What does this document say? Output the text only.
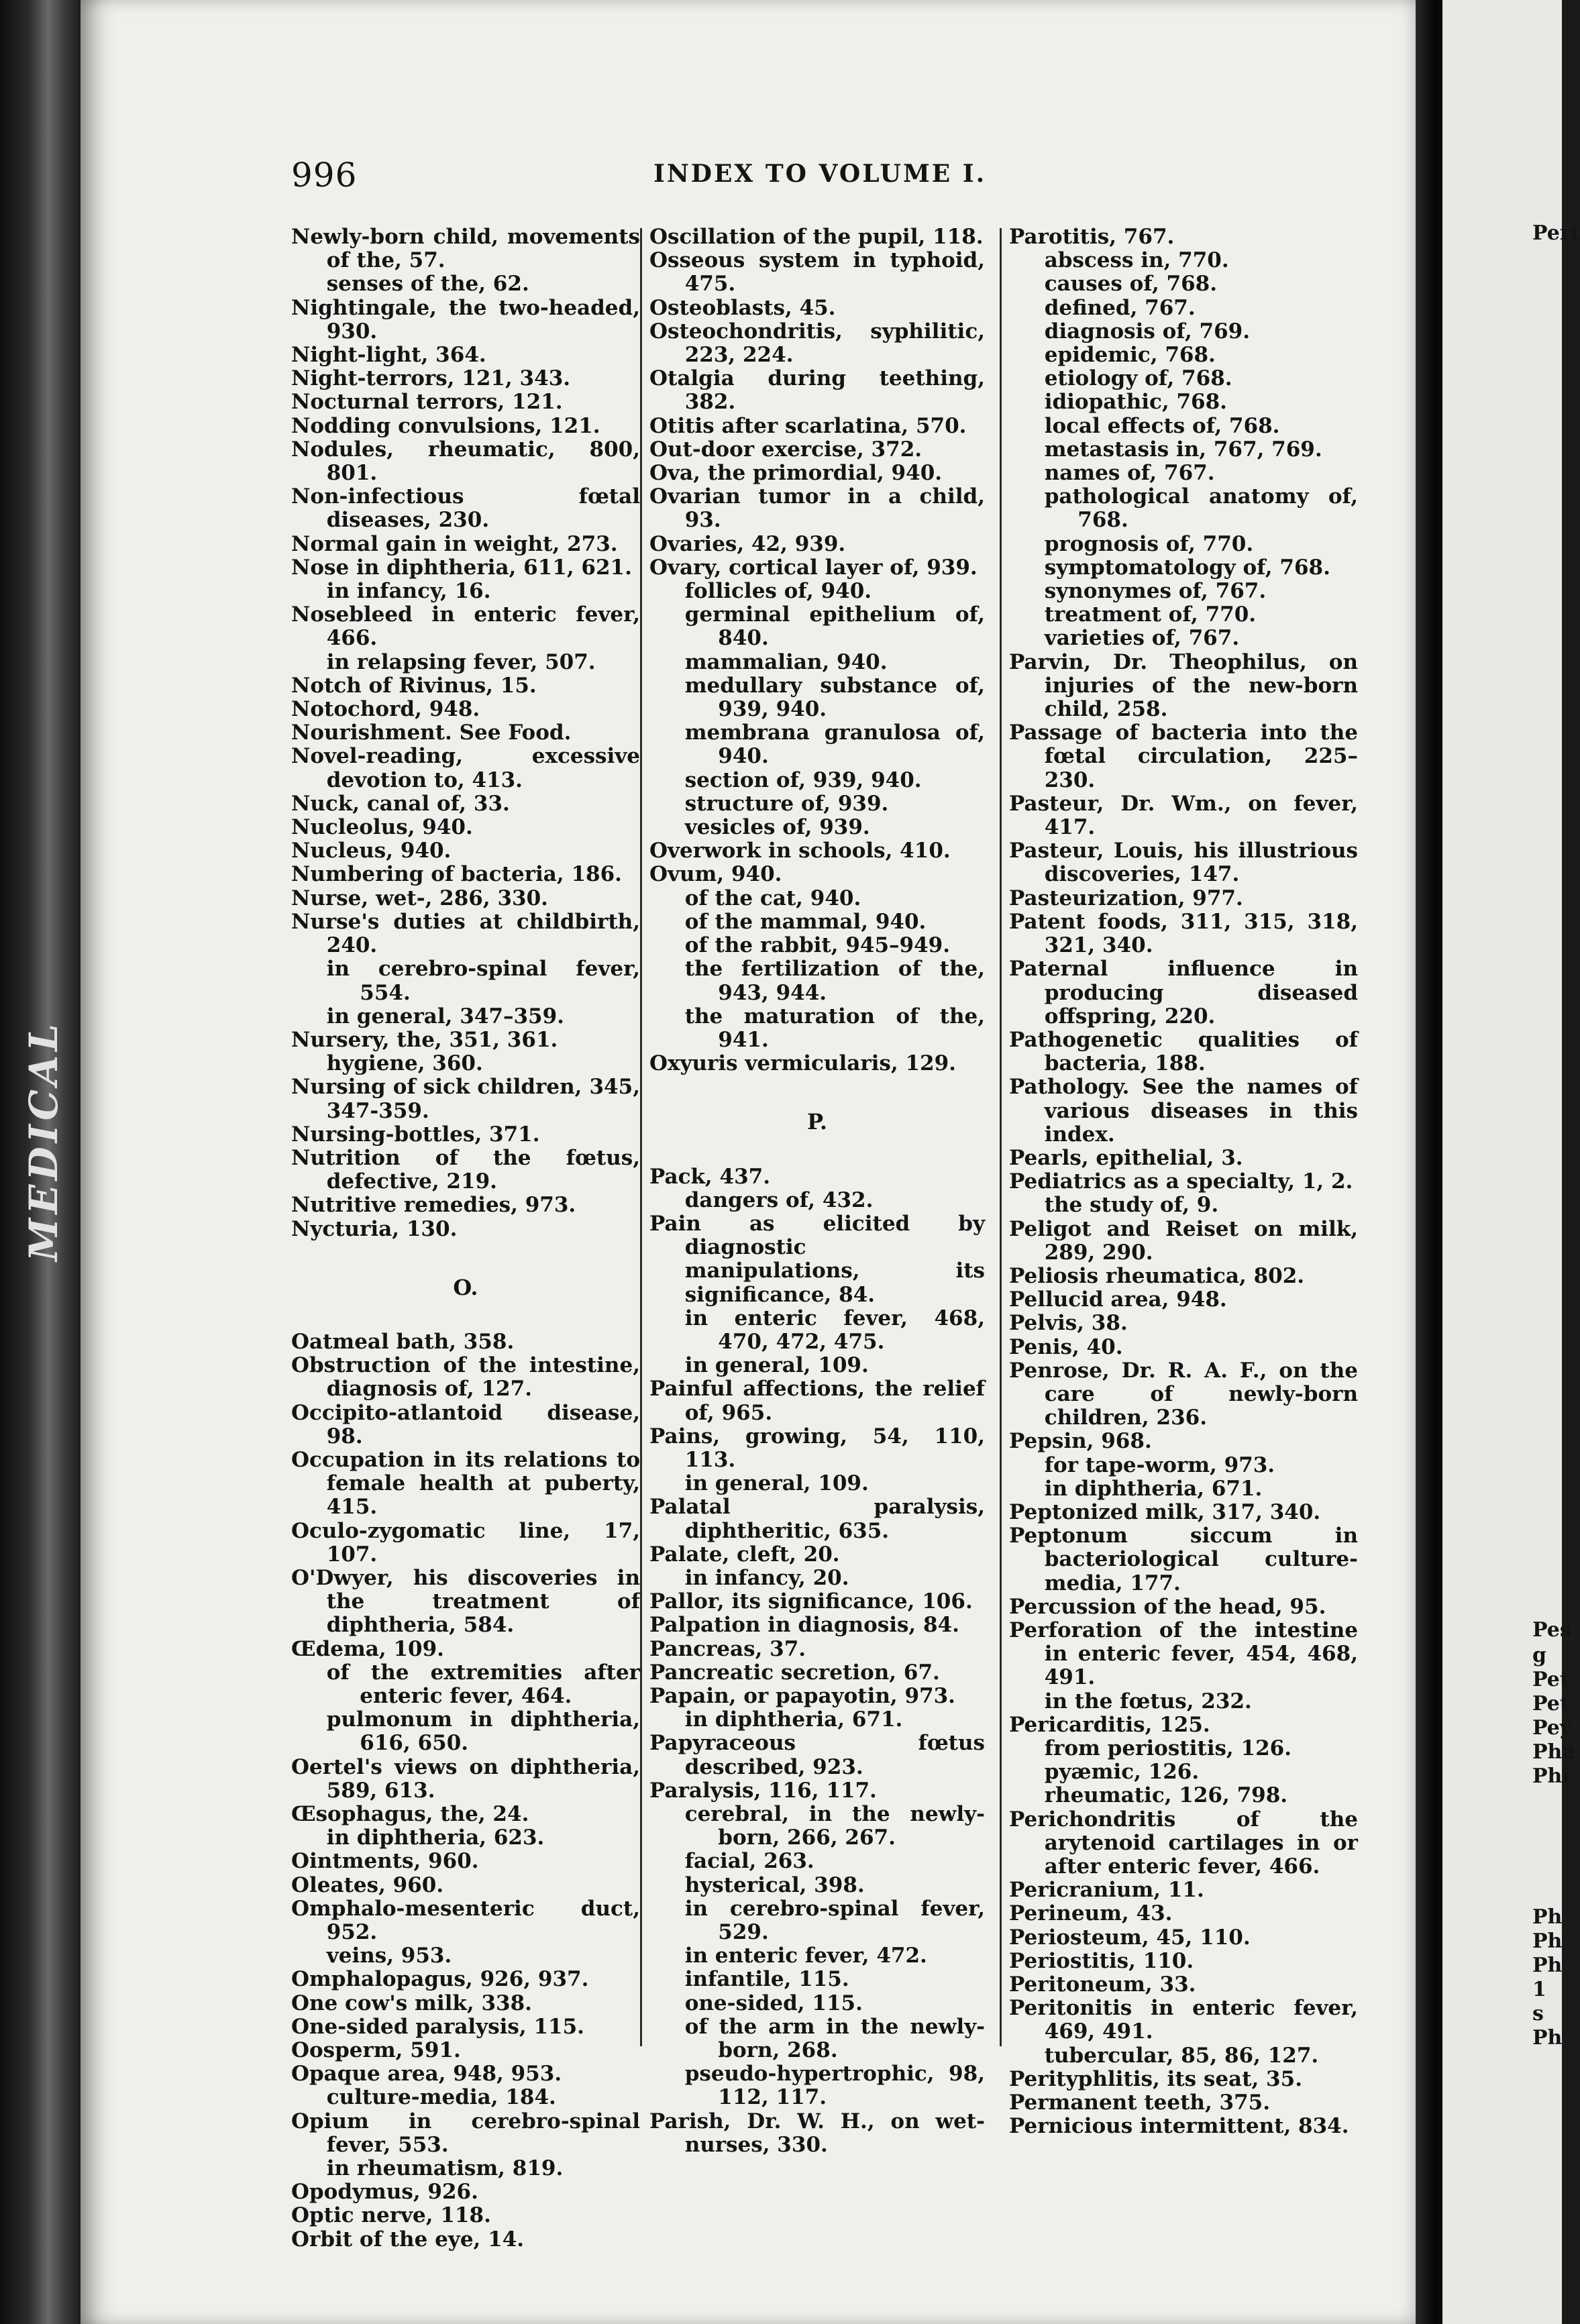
MEDICAL
996	INDEX TO VOLUME I.
Newly-born child, movements of the, 57.
senses of the, 62.
Nightingale, the two-headed, 930.
Night-light, 364.
Night-terrors, 121, 343.
Nocturnal terrors, 121.
Nodding convulsions, 121.
Nodules, rheumatic, 800, 801.
Non-infectious fœtal diseases, 230.
Normal gain in weight, 273.
Nose in diphtheria, 611, 621.
in infancy, 16.
Nosebleed in enteric fever, 466.
in relapsing fever, 507.
Notch of Rivinus, 15.
Notochord, 948.
Nourishment. See Food.
Novel-reading, excessive devotion to, 413.
Nuck, canal of, 33.
Nucleolus, 940.
Nucleus, 940.
Numbering of bacteria, 186.
Nurse, wet-, 286, 330.
Nurse's duties at childbirth, 240.
in cerebro-spinal fever, 554.
in general, 347–359.
Nursery, the, 351, 361.
hygiene, 360.
Nursing of sick children, 345, 347-359.
Nursing-bottles, 371.
Nutrition of the fœtus, defective, 219.
Nutritive remedies, 973.
Nycturia, 130.
O.
Oatmeal bath, 358.
Obstruction of the intestine, diagnosis of, 127.
Occipito-atlantoid disease, 98.
Occupation in its relations to female health at puberty, 415.
Oculo-zygomatic line, 17, 107.
O'Dwyer, his discoveries in the treatment of diphtheria, 584.
Œdema, 109.
of the extremities after enteric fever, 464.
pulmonum in diphtheria, 616, 650.
Oertel's views on diphtheria, 589, 613.
Œsophagus, the, 24.
in diphtheria, 623.
Ointments, 960.
Oleates, 960.
Omphalo-mesenteric duct, 952.
veins, 953.
Omphalopagus, 926, 937.
One cow's milk, 338.
One-sided paralysis, 115.
Oosperm, 591.
Opaque area, 948, 953.
culture-media, 184.
Opium in cerebro-spinal fever, 553.
in rheumatism, 819.
Opodymus, 926.
Optic nerve, 118.
Orbit of the eye, 14.
Oscillation of the pupil, 118.
Osseous system in typhoid, 475.
Osteoblasts, 45.
Osteochondritis, syphilitic, 223, 224.
Otalgia during teething, 382.
Otitis after scarlatina, 570.
Out-door exercise, 372.
Ova, the primordial, 940.
Ovarian tumor in a child, 93.
Ovaries, 42, 939.
Ovary, cortical layer of, 939.
follicles of, 940.
germinal epithelium of, 840.
mammalian, 940.
medullary substance of, 939, 940.
membrana granulosa of, 940.
section of, 939, 940.
structure of, 939.
vesicles of, 939.
Overwork in schools, 410.
Ovum, 940.
of the cat, 940.
of the mammal, 940.
of the rabbit, 945–949.
the fertilization of the, 943, 944.
the maturation of the, 941.
Oxyuris vermicularis, 129.
P.
Pack, 437.
dangers of, 432.
Pain as elicited by diagnostic manipulations, its significance, 84.
in enteric fever, 468, 470, 472, 475.
in general, 109.
Painful affections, the relief of, 965.
Pains, growing, 54, 110, 113.
in general, 109.
Palatal paralysis, diphtheritic, 635.
Palate, cleft, 20.
in infancy, 20.
Pallor, its significance, 106.
Palpation in diagnosis, 84.
Pancreas, 37.
Pancreatic secretion, 67.
Papain, or papayotin, 973.
in diphtheria, 671.
Papyraceous fœtus described, 923.
Paralysis, 116, 117.
cerebral, in the newly-born, 266, 267.
facial, 263.
hysterical, 398.
in cerebro-spinal fever, 529.
in enteric fever, 472.
infantile, 115.
one-sided, 115.
of the arm in the newly-born, 268.
pseudo-hypertrophic, 98, 112, 117.
Parish, Dr. W. H., on wet-nurses, 330.
Parotitis, 767.
abscess in, 770.
causes of, 768.
defined, 767.
diagnosis of, 769.
epidemic, 768.
etiology of, 768.
idiopathic, 768.
local effects of, 768.
metastasis in, 767, 769.
names of, 767.
pathological anatomy of, 768.
prognosis of, 770.
symptomatology of, 768.
synonymes of, 767.
treatment of, 770.
varieties of, 767.
Parvin, Dr. Theophilus, on injuries of the new-born child, 258.
Passage of bacteria into the fœtal circulation, 225–230.
Pasteur, Dr. Wm., on fever, 417.
Pasteur, Louis, his illustrious discoveries, 147.
Pasteurization, 977.
Patent foods, 311, 315, 318, 321, 340.
Paternal influence in producing diseased offspring, 220.
Pathogenetic qualities of bacteria, 188.
Pathology. See the names of various diseases in this index.
Pearls, epithelial, 3.
Pediatrics as a specialty, 1, 2.
the study of, 9.
Peligot and Reiset on milk, 289, 290.
Peliosis rheumatica, 802.
Pellucid area, 948.
Pelvis, 38.
Penis, 40.
Penrose, Dr. R. A. F., on the care of newly-born children, 236.
Pepsin, 968.
for tape-worm, 973.
in diphtheria, 671.
Peptonized milk, 317, 340.
Peptonum siccum in bacteriological culture-media, 177.
Percussion of the head, 95.
Perforation of the intestine in enteric fever, 454, 468, 491.
in the fœtus, 232.
Pericarditis, 125.
from periostitis, 126.
pyæmic, 126.
rheumatic, 126, 798.
Perichondritis of the arytenoid cartilages in or after enteric fever, 466.
Pericranium, 11.
Perineum, 43.
Periosteum, 45, 110.
Periostitis, 110.
Peritoneum, 33.
Peritonitis in enteric fever, 469, 491.
tubercular, 85, 86, 127.
Perityphlitis, its seat, 35.
Permanent teeth, 375.
Pernicious intermittent, 834.
Pert
Pes
g
Pet
Pet
Pey
Pha
Phi
Ph
Ph
Ph
1
s
Ph
